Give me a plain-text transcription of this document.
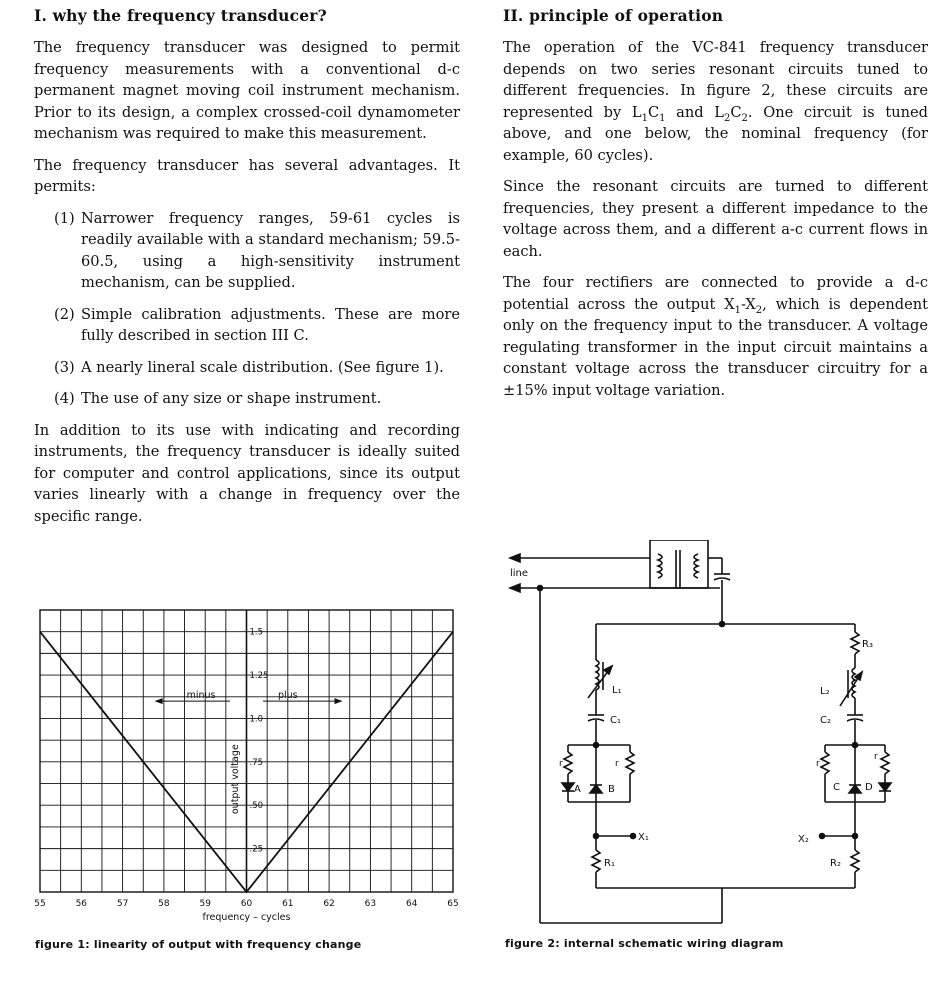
I. why the frequency transducer?

The frequency transducer was designed to permit frequency measurements with a conventional d-c permanent magnet moving coil instrument mechanism. Prior to its design, a complex crossed-coil dynamometer mechanism was required to make this measurement.

The frequency transducer has several advantages. It permits:

(1) Narrower frequency ranges, 59-61 cycles is readily available with a standard mechanism; 59.5-60.5, using a high-sensitivity instrument mechanism, can be supplied.
(2) Simple calibration adjustments. These are more fully described in section III C.
(3) A nearly lineral scale distribution. (See figure 1).
(4) The use of any size or shape instrument.

In addition to its use with indicating and recording instruments, the frequency transducer is ideally suited for computer and control applications, since its output varies linearly with a change in frequency over the specific range.

II. principle of operation

The operation of the VC-841 frequency transducer depends on two series resonant circuits tuned to different frequencies. In figure 2, these circuits are represented by $L_1C_1$ and $L_2C_2$. One circuit is tuned above, and one below, the nominal frequency (for example, 60 cycles).

Since the resonant circuits are turned to different frequencies, they present a different impedance to the voltage across them, and a different a-c current flows in each.

The four rectifiers are connected to provide a d-c potential across the output $X_1-X_2$, which is dependent only on the frequency input to the transducer. A voltage regulating transformer in the input circuit maintains a constant voltage across the transducer circuitry for a ±15% input voltage variation.

55	56	57	58	59	60	61	62	63	64	65
.25
.50
.75
1.0
1.25
1.5
frequency – cycles
output voltage
minus	plus
figure 1: linearity of output with frequency change
line
L₁
C₁
R₃
L₂
C₂
r
A
r
B
r
r
D
C
X₁
R₁
X₂
R₂
figure 2: internal schematic wiring diagram
